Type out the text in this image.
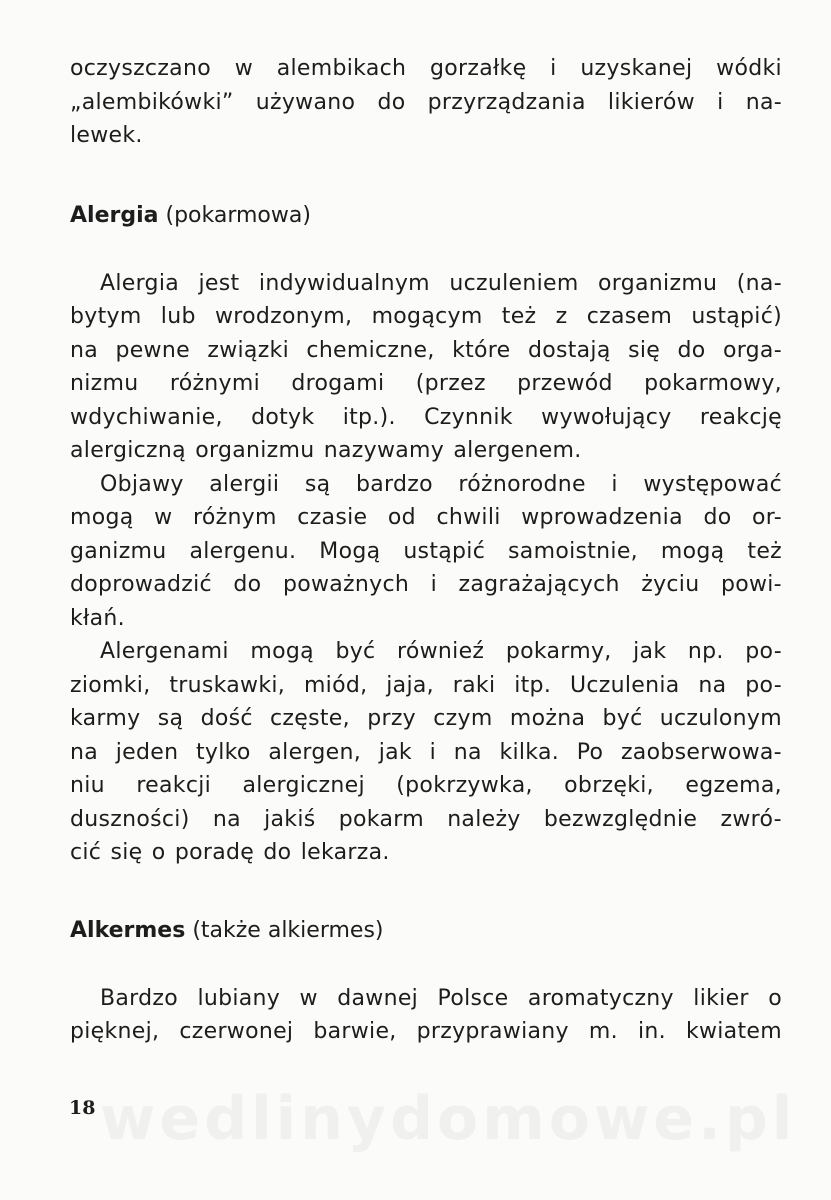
oczyszczano w alembikach gorzałkę i uzyskanej wódki
„alembikówki” używano do przyrządzania likierów i na-
lewek.
Alergia (pokarmowa)
Alergia jest indywidualnym uczuleniem organizmu (na-
bytym lub wrodzonym, mogącym też z czasem ustąpić)
na pewne związki chemiczne, które dostają się do orga-
nizmu różnymi drogami (przez przewód pokarmowy,
wdychiwanie, dotyk itp.). Czynnik wywołujący reakcję
alergiczną organizmu nazywamy alergenem.
Objawy alergii są bardzo różnorodne i występować
mogą w różnym czasie od chwili wprowadzenia do or-
ganizmu alergenu. Mogą ustąpić samoistnie, mogą też
doprowadzić do poważnych i zagrażających życiu powi-
kłań.
Alergenami mogą być równieź pokarmy, jak np. po-
ziomki, truskawki, miód, jaja, raki itp. Uczulenia na po-
karmy są dość częste, przy czym można być uczulonym
na jeden tylko alergen, jak i na kilka. Po zaobserwowa-
niu reakcji alergicznej (pokrzywka, obrzęki, egzema,
duszności) na jakiś pokarm należy bezwzględnie zwró-
cić się o poradę do lekarza.
Alkermes (także alkiermes)
Bardzo lubiany w dawnej Polsce aromatyczny likier o
pięknej, czerwonej barwie, przyprawiany m. in. kwiatem
wedlinydomowe.pl
18
